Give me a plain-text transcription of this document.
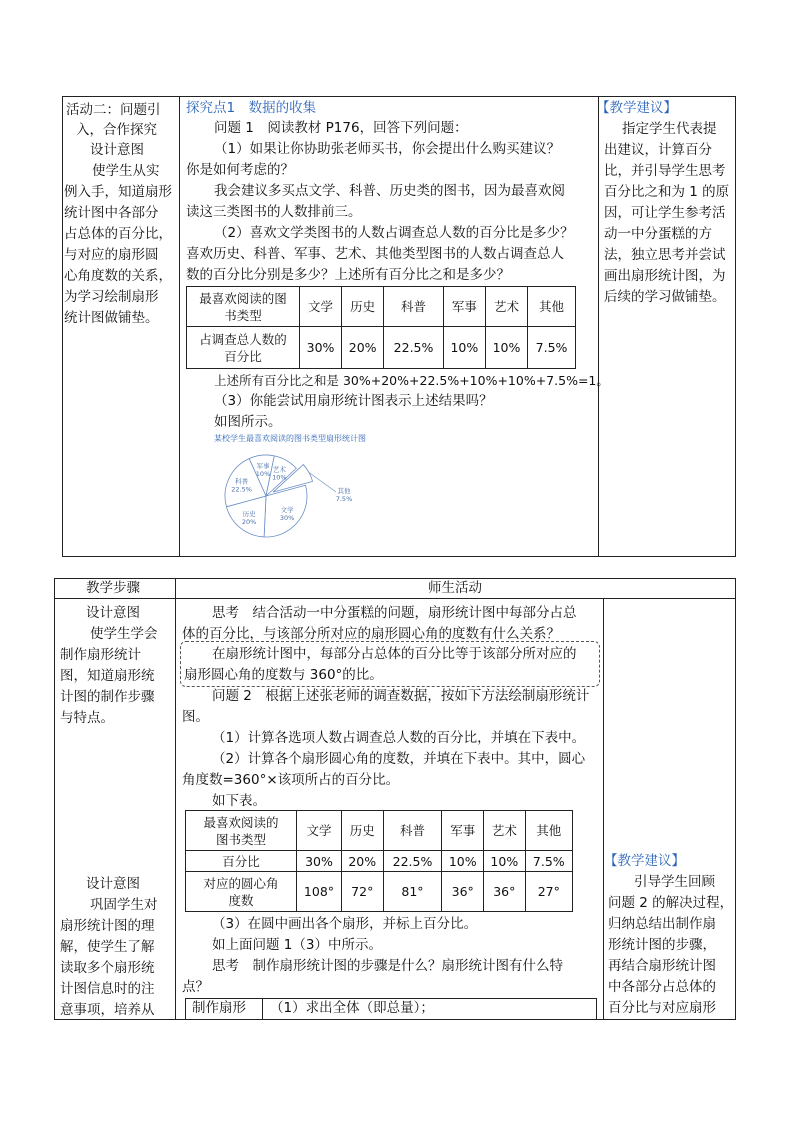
活动二：问题引
入，合作探究
设计意图
使学生从实
例入手，知道扇形
统计图中各部分
占总体的百分比，
与对应的扇形圆
心角度数的关系，
为学习绘制扇形
统计图做铺垫。
探究点1　数据的收集
问题 1　阅读教材 P176，回答下列问题：
（1）如果让你协助张老师买书，你会提出什么购买建议？
你是如何考虑的？
我会建议多买点文学、科普、历史类的图书，因为最喜欢阅
读这三类图书的人数排前三。
（2）喜欢文学类图书的人数占调查总人数的百分比是多少？
喜欢历史、科普、军事、艺术、其他类型图书的人数占调查总人
数的百分比分别是多少？上述所有百分比之和是多少？
最喜欢阅读的图
书类型	文学	历史	科普	军事	艺术	其他
占调查总人数的
百分比	30%	20%	22.5%	10%	10%	7.5%
上述所有百分比之和是 30%+20%+22.5%+10%+10%+7.5%=1。
（3）你能尝试用扇形统计图表示上述结果吗？
如图所示。
某校学生最喜欢阅读的图书类型扇形统计图
军事
10%
艺术
10%
其他
7.5%
文学
30%
历史
20%
科普
22.5%
【教学建议】
指定学生代表提
出建议，计算百分
比，并引导学生思考
百分比之和为 1 的原
因，可让学生参考活
动一中分蛋糕的方
法，独立思考并尝试
画出扇形统计图，为
后续的学习做铺垫。
教学步骤	师生活动
设计意图
使学生学会
制作扇形统计
图，知道扇形统
计图的制作步骤
与特点。
设计意图
巩固学生对
扇形统计图的理
解，使学生了解
读取多个扇形统
计图信息时的注
意事项，培养从
思考　结合活动一中分蛋糕的问题，扇形统计图中每部分占总
体的百分比，与该部分所对应的扇形圆心角的度数有什么关系？
在扇形统计图中，每部分占总体的百分比等于该部分所对应的
扇形圆心角的度数与 360°的比。
问题 2　根据上述张老师的调查数据，按如下方法绘制扇形统计
图。
（1）计算各选项人数占调查总人数的百分比，并填在下表中。
（2）计算各个扇形圆心角的度数，并填在下表中。其中，圆心
角度数=360°×该项所占的百分比。
如下表。
最喜欢阅读的
图书类型	文学	历史	科普	军事	艺术	其他
百分比	30%	20%	22.5%	10%	10%	7.5%
对应的圆心角
度数	108°	72°	81°	36°	36°	27°
（3）在圆中画出各个扇形，并标上百分比。
如上面问题 1（3）中所示。
思考　制作扇形统计图的步骤是什么？扇形统计图有什么特
点？
制作扇形 （1）求出全体（即总量）；
【教学建议】
引导学生回顾
问题 2 的解决过程，
归纳总结出制作扇
形统计图的步骤，
再结合扇形统计图
中各部分占总体的
百分比与对应扇形
